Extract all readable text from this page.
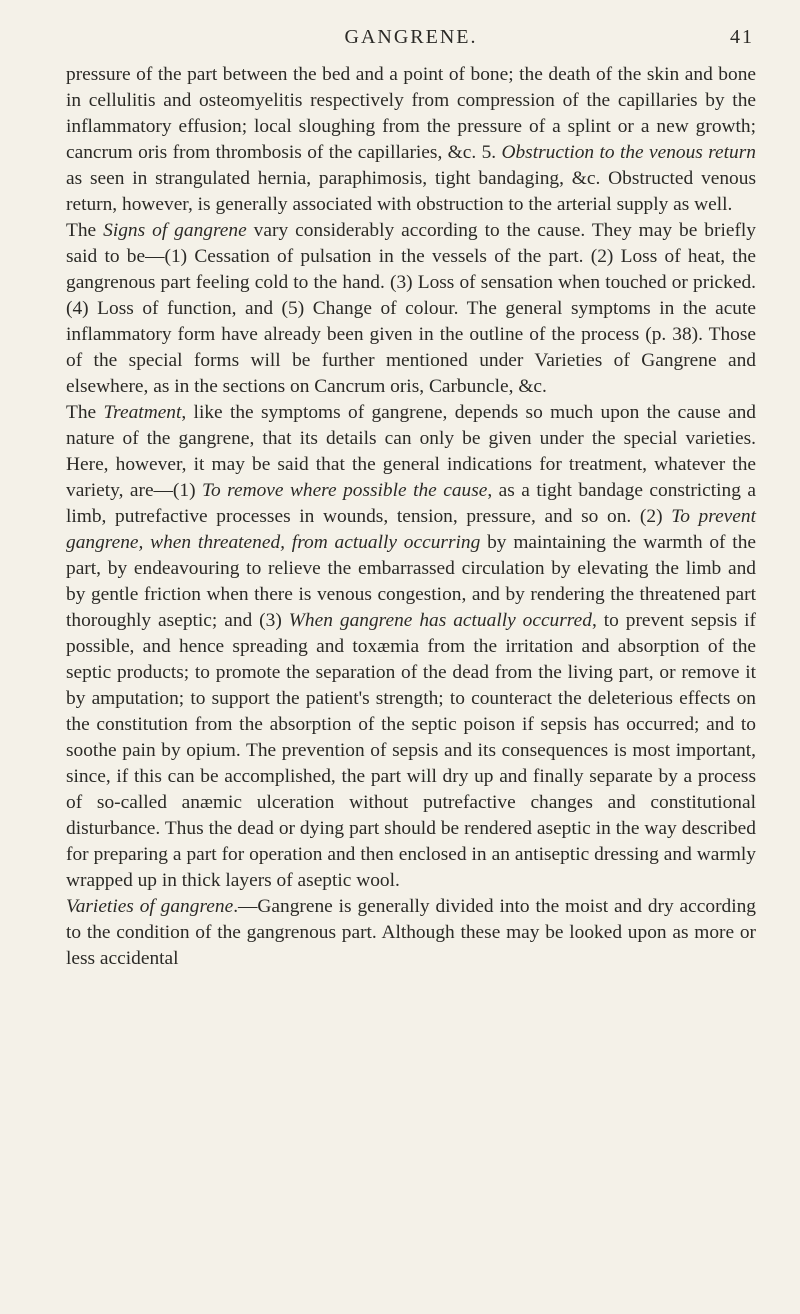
GANGRENE.	41

pressure of the part between the bed and a point of bone; the death of the skin and bone in cellulitis and osteomyelitis respectively from compression of the capillaries by the inflammatory effusion; local sloughing from the pressure of a splint or a new growth; cancrum oris from thrombosis of the capillaries, &c. 5. Obstruction to the venous return as seen in strangulated hernia, paraphimosis, tight bandaging, &c. Obstructed venous return, however, is generally associated with obstruction to the arterial supply as well.

The Signs of gangrene vary considerably according to the cause. They may be briefly said to be—(1) Cessation of pulsation in the vessels of the part. (2) Loss of heat, the gangrenous part feeling cold to the hand. (3) Loss of sensation when touched or pricked. (4) Loss of function, and (5) Change of colour. The general symptoms in the acute inflammatory form have already been given in the outline of the process (p. 38). Those of the special forms will be further mentioned under Varieties of Gangrene and elsewhere, as in the sections on Cancrum oris, Carbuncle, &c.

The Treatment, like the symptoms of gangrene, depends so much upon the cause and nature of the gangrene, that its details can only be given under the special varieties. Here, however, it may be said that the general indications for treatment, whatever the variety, are—(1) To remove where possible the cause, as a tight bandage constricting a limb, putrefactive processes in wounds, tension, pressure, and so on. (2) To prevent gangrene, when threatened, from actually occurring by maintaining the warmth of the part, by endeavouring to relieve the embarrassed circulation by elevating the limb and by gentle friction when there is venous congestion, and by rendering the threatened part thoroughly aseptic; and (3) When gangrene has actually occurred, to prevent sepsis if possible, and hence spreading and toxæmia from the irritation and absorption of the septic products; to promote the separation of the dead from the living part, or remove it by amputation; to support the patient's strength; to counteract the deleterious effects on the constitution from the absorption of the septic poison if sepsis has occurred; and to soothe pain by opium. The prevention of sepsis and its consequences is most important, since, if this can be accomplished, the part will dry up and finally separate by a process of so-called anæmic ulceration without putrefactive changes and constitutional disturbance. Thus the dead or dying part should be rendered aseptic in the way described for preparing a part for operation and then enclosed in an antiseptic dressing and warmly wrapped up in thick layers of aseptic wool.

Varieties of gangrene.—Gangrene is generally divided into the moist and dry according to the condition of the gangrenous part. Although these may be looked upon as more or less accidental
